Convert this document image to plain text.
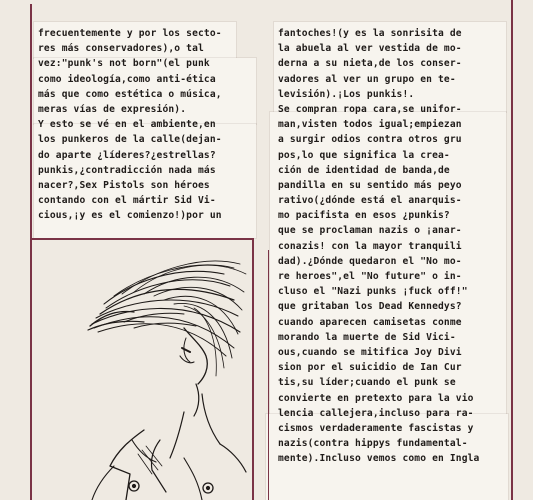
frecuentemente y por los secto-
res más conservadores),o tal
vez:"punk's not born"(el punk
como ideología,como anti-ética
más que como estética o música,
meras vías de expresión).
Y esto se vé en el ambiente,en
los punkeros de la calle(dejan-
do aparte ¿líderes?¿estrellas?
punkis,¿contradicción nada más
nacer?,Sex Pistols son héroes
contando con el mártir Sid Vi-
cious,¡y es el comienzo!)por un
fantoches!(y es la sonrisita de
la abuela al ver vestida de mo-
derna a su nieta,de los conser-
vadores al ver un grupo en te-
levisión).¡Los punkis!.
Se compran ropa cara,se unifor-
man,visten todos igual;empiezan
a surgir odios contra otros gru
pos,lo que significa la crea-
ción de identidad de banda,de
pandilla en su sentido más peyo
rativo(¿dónde está el anarquis-
mo pacifista en esos ¿punkis?
que se proclaman nazis o ¡anar-
conazis! con la mayor tranquili
dad).¿Dónde quedaron el "No mo-
re heroes",el "No future" o in-
cluso el "Nazi punks ¡fuck off!"
que gritaban los Dead Kennedys?
cuando aparecen camisetas conme
morando la muerte de Sid Vici-
ous,cuando se mitifica Joy Divi
sion por el suicidio de Ian Cur
tis,su líder;cuando el punk se
convierte en pretexto para la vio
lencia callejera,incluso para ra-
cismos verdaderamente fascistas y
nazis(contra hippys fundamental-
mente).Incluso vemos como en Ingla
